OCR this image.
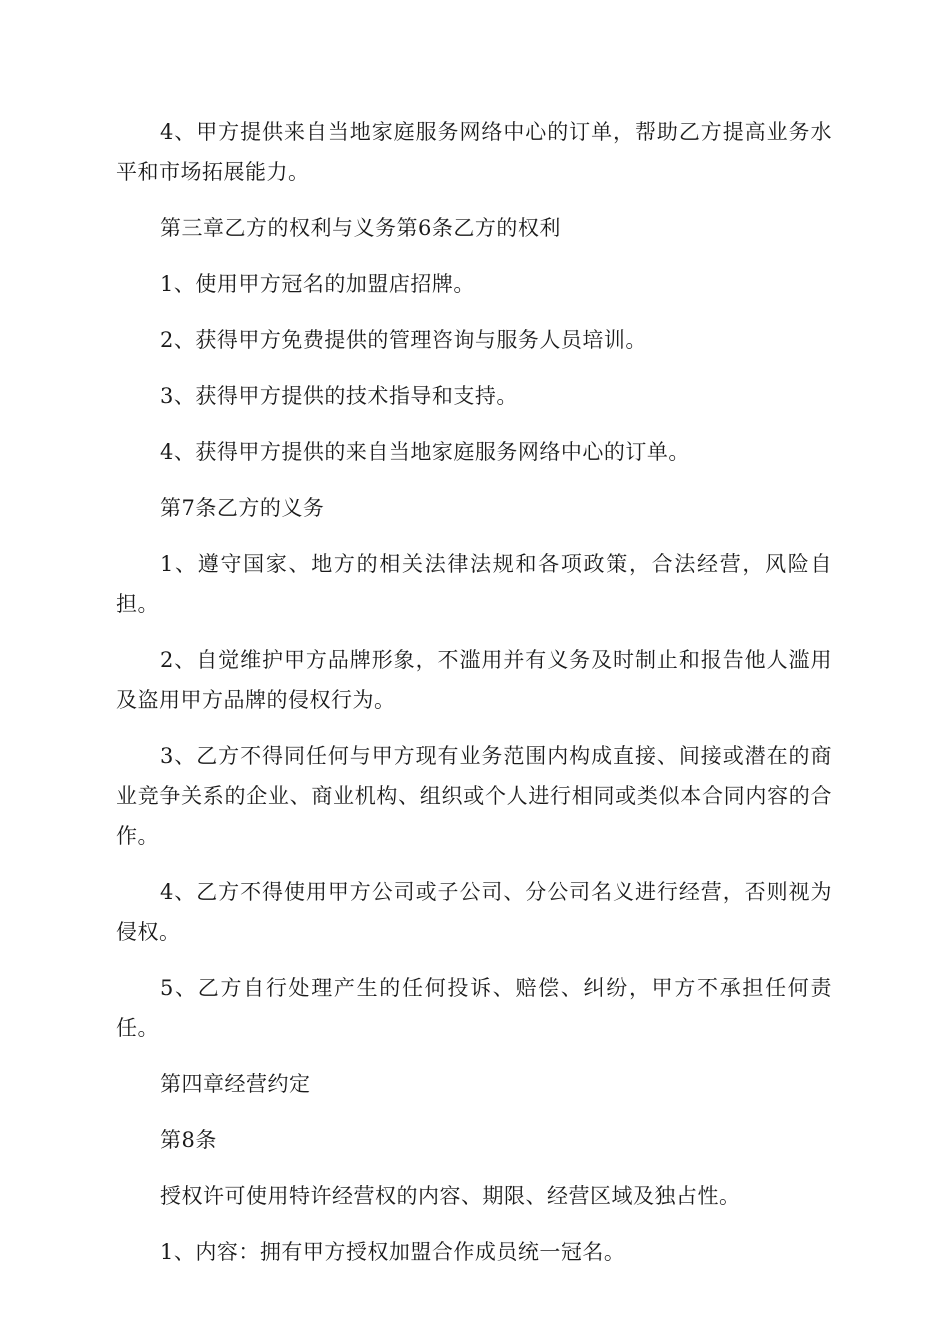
4、甲方提供来自当地家庭服务网络中心的订单，帮助乙方提高业务水平和市场拓展能力。

第三章乙方的权利与义务第6条乙方的权利

1、使用甲方冠名的加盟店招牌。

2、获得甲方免费提供的管理咨询与服务人员培训。

3、获得甲方提供的技术指导和支持。

4、获得甲方提供的来自当地家庭服务网络中心的订单。

第7条乙方的义务

1、遵守国家、地方的相关法律法规和各项政策，合法经营，风险自担。

2、自觉维护甲方品牌形象，不滥用并有义务及时制止和报告他人滥用及盗用甲方品牌的侵权行为。

3、乙方不得同任何与甲方现有业务范围内构成直接、间接或潜在的商业竞争关系的企业、商业机构、组织或个人进行相同或类似本合同内容的合作。

4、乙方不得使用甲方公司或子公司、分公司名义进行经营，否则视为侵权。

5、乙方自行处理产生的任何投诉、赔偿、纠纷，甲方不承担任何责任。

第四章经营约定

第8条

授权许可使用特许经营权的内容、期限、经营区域及独占性。

1、内容：拥有甲方授权加盟合作成员统一冠名。
